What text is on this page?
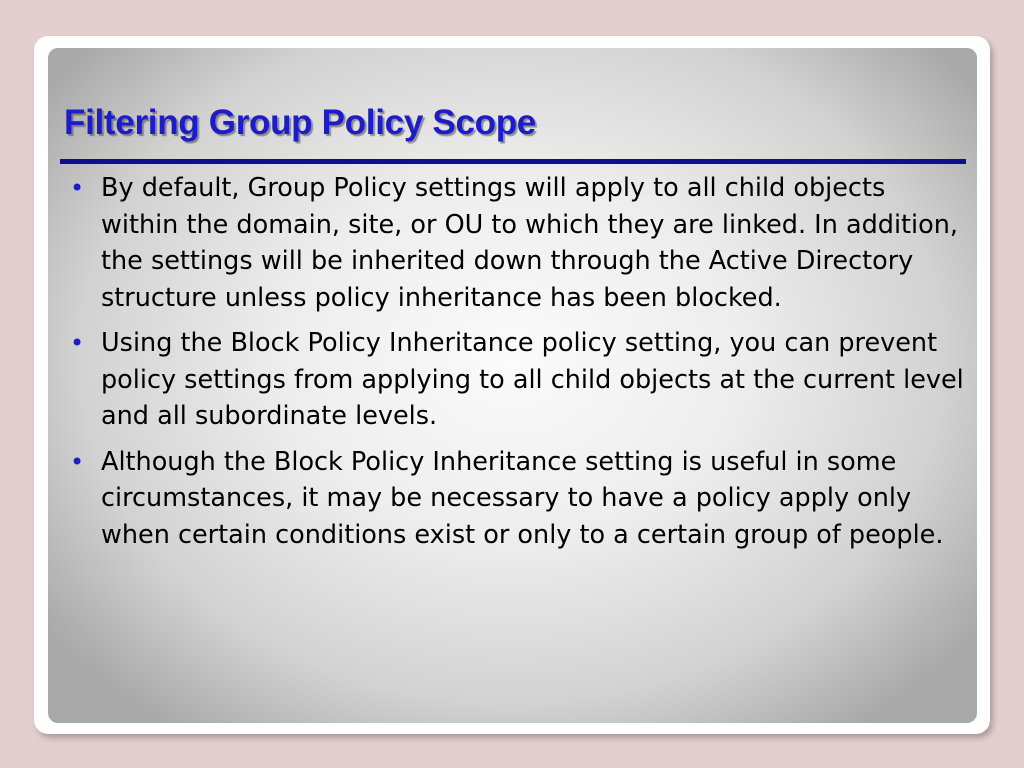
Filtering Group Policy Scope
• By default, Group Policy settings will apply to all child objects within the domain, site, or OU to which they are linked. In addition, the settings will be inherited down through the Active Directory structure unless policy inheritance has been blocked.
• Using the Block Policy Inheritance policy setting, you can prevent policy settings from applying to all child objects at the current level and all subordinate levels.
• Although the Block Policy Inheritance setting is useful in some circumstances, it may be necessary to have a policy apply only when certain conditions exist or only to a certain group of people.
